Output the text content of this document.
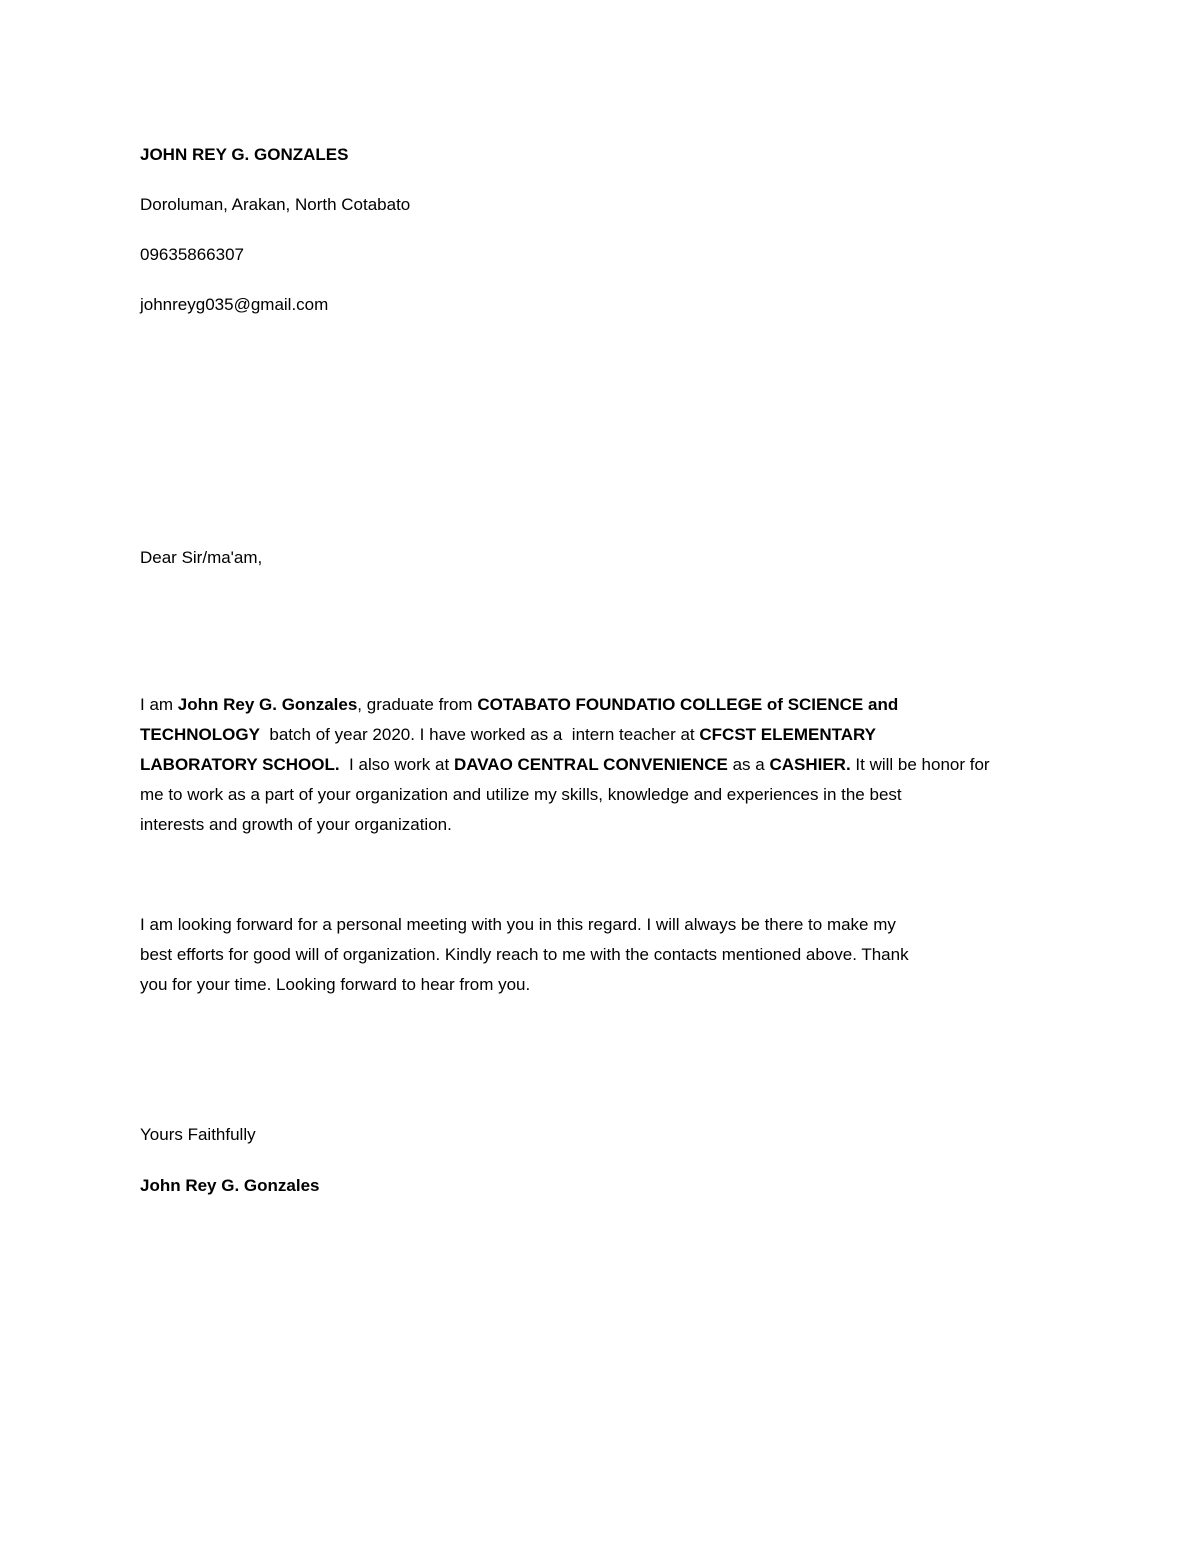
JOHN REY G. GONZALES
Doroluman, Arakan, North Cotabato
09635866307
johnreyg035@gmail.com
Dear Sir/ma'am,
I am John Rey G. Gonzales, graduate from COTABATO FOUNDATIO COLLEGE of SCIENCE and
TECHNOLOGY  batch of year 2020. I have worked as a  intern teacher at CFCST ELEMENTARY
LABORATORY SCHOOL.  I also work at DAVAO CENTRAL CONVENIENCE as a CASHIER. It will be honor for
me to work as a part of your organization and utilize my skills, knowledge and experiences in the best
interests and growth of your organization.
I am looking forward for a personal meeting with you in this regard. I will always be there to make my
best efforts for good will of organization. Kindly reach to me with the contacts mentioned above. Thank
you for your time. Looking forward to hear from you.
Yours Faithfully
John Rey G. Gonzales
